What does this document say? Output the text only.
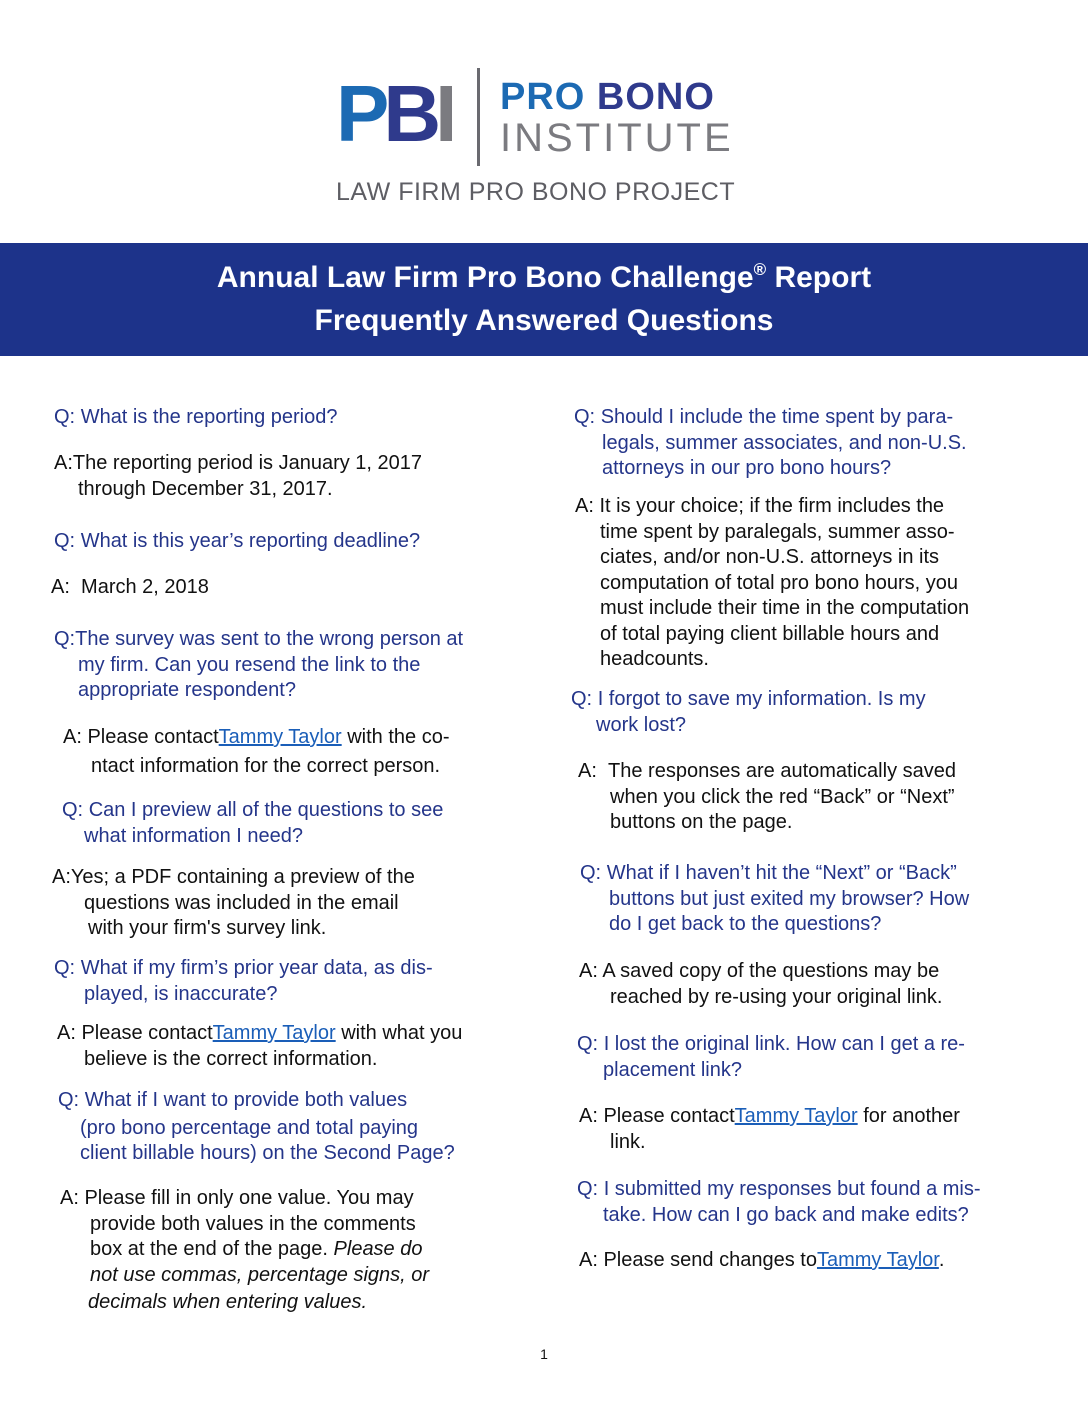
PBI PRO BONO
INSTITUTE
LAW FIRM PRO BONO PROJECT
Annual Law Firm Pro Bono Challenge® Report
Frequently Answered Questions
Q: What is the reporting period?
A:The reporting period is January 1, 2017
through December 31, 2017.
Q: What is this year’s reporting deadline?
A: March 2, 2018
Q:The survey was sent to the wrong person at
my firm. Can you resend the link to the
appropriate respondent?
A: Please contactTammy Taylor with the co-
ntact information for the correct person.
Q: Can I preview all of the questions to see
what information I need?
A:Yes; a PDF containing a preview of the
questions was included in the email
with your firm's survey link.
Q: What if my firm’s prior year data, as dis-
played, is inaccurate?
A: Please contactTammy Taylor with what you
believe is the correct information.
Q: What if I want to provide both values
(pro bono percentage and total paying
client billable hours) on the Second Page?
A: Please fill in only one value. You may
provide both values in the comments
box at the end of the page. Please do
not use commas, percentage signs, or
decimals when entering values.
Q: Should I include the time spent by para-
legals, summer associates, and non-U.S.
attorneys in our pro bono hours?
A: It is your choice; if the firm includes the
time spent by paralegals, summer asso-
ciates, and/or non-U.S. attorneys in its
computation of total pro bono hours, you
must include their time in the computation
of total paying client billable hours and
headcounts.
Q: I forgot to save my information. Is my
work lost?
A: The responses are automatically saved
when you click the red “Back” or “Next”
buttons on the page.
Q: What if I haven’t hit the “Next” or “Back”
buttons but just exited my browser? How
do I get back to the questions?
A: A saved copy of the questions may be
reached by re-using your original link.
Q: I lost the original link. How can I get a re-
placement link?
A: Please contactTammy Taylor for another
link.
Q: I submitted my responses but found a mis-
take. How can I go back and make edits?
A: Please send changes toTammy Taylor.
1
